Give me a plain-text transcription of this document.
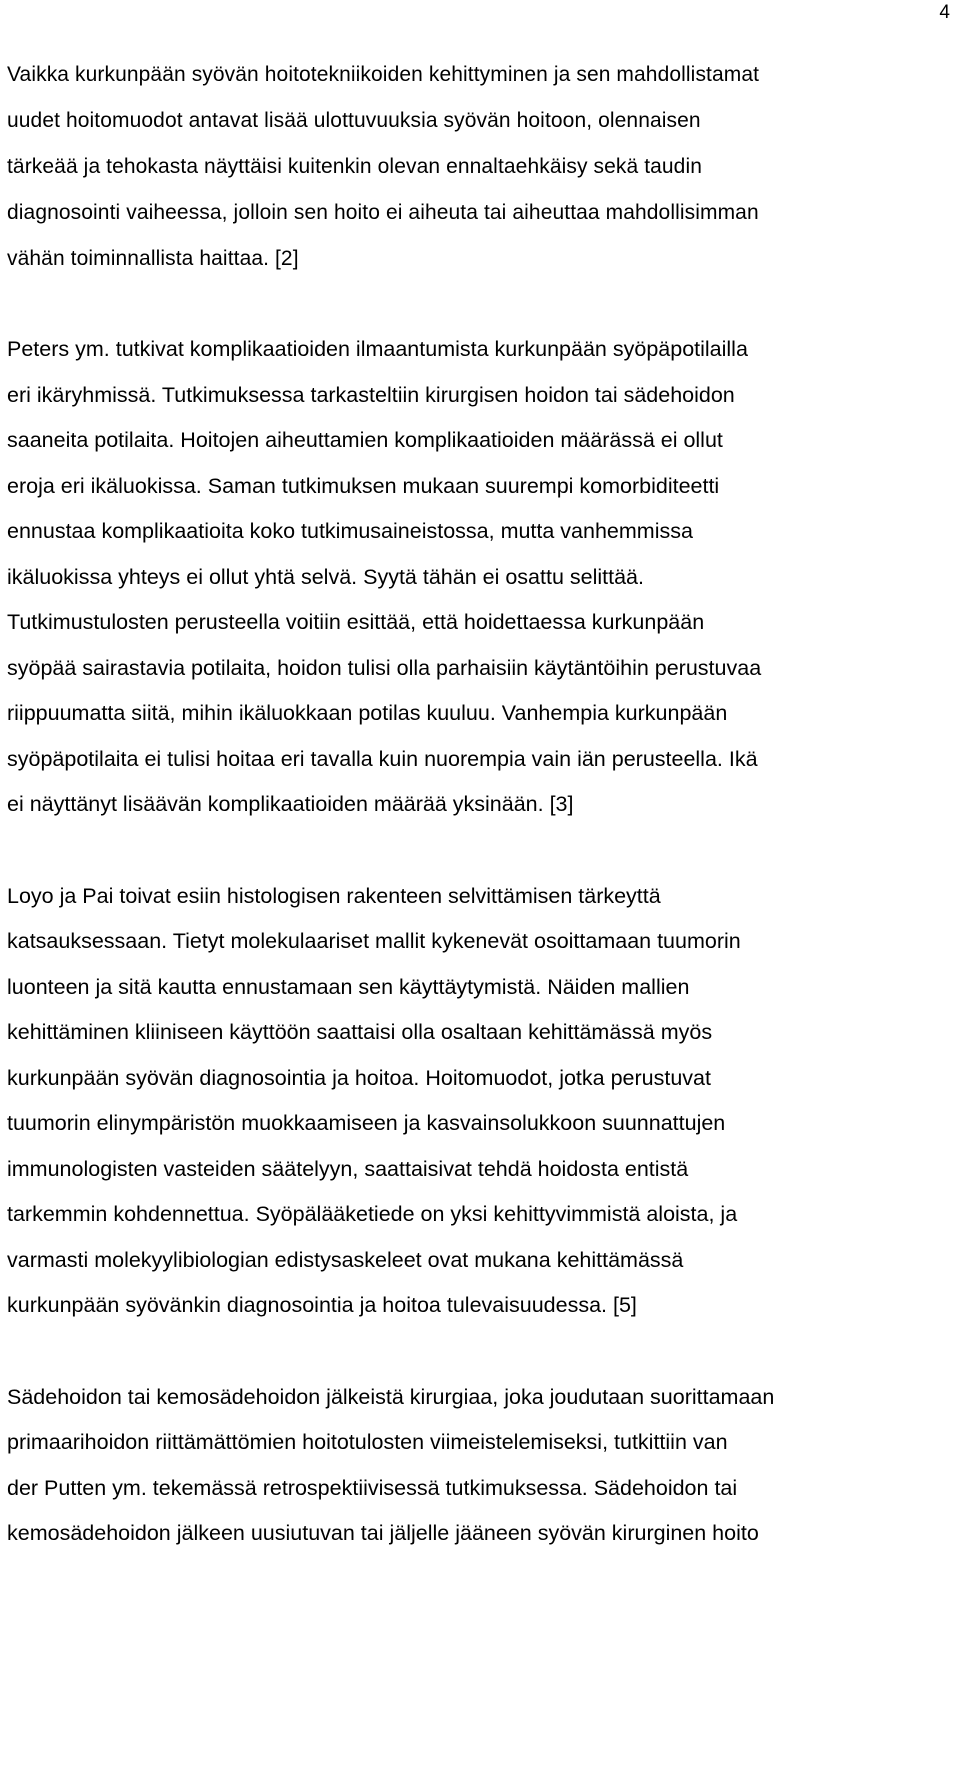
4

Vaikka kurkunpään syövän hoitotekniikoiden kehittyminen ja sen mahdollistamat
uudet hoitomuodot antavat lisää ulottuvuuksia syövän hoitoon, olennaisen
tärkeää ja tehokasta näyttäisi kuitenkin olevan ennaltaehkäisy sekä taudin
diagnosointi vaiheessa, jolloin sen hoito ei aiheuta tai aiheuttaa mahdollisimman
vähän toiminnallista haittaa. [2]

Peters ym. tutkivat komplikaatioiden ilmaantumista kurkunpään syöpäpotilailla
eri ikäryhmissä. Tutkimuksessa tarkasteltiin kirurgisen hoidon tai sädehoidon
saaneita potilaita. Hoitojen aiheuttamien komplikaatioiden määrässä ei ollut
eroja eri ikäluokissa. Saman tutkimuksen mukaan suurempi komorbiditeetti
ennustaa komplikaatioita koko tutkimusaineistossa, mutta vanhemmissa
ikäluokissa yhteys ei ollut yhtä selvä. Syytä tähän ei osattu selittää.
Tutkimustulosten perusteella voitiin esittää, että hoidettaessa kurkunpään
syöpää sairastavia potilaita, hoidon tulisi olla parhaisiin käytäntöihin perustuvaa
riippuumatta siitä, mihin ikäluokkaan potilas kuuluu. Vanhempia kurkunpään
syöpäpotilaita ei tulisi hoitaa eri tavalla kuin nuorempia vain iän perusteella. Ikä
ei näyttänyt lisäävän komplikaatioiden määrää yksinään. [3]

Loyo ja Pai toivat esiin histologisen rakenteen selvittämisen tärkeyttä
katsauksessaan. Tietyt molekulaariset mallit kykenevät osoittamaan tuumorin
luonteen ja sitä kautta ennustamaan sen käyttäytymistä. Näiden mallien
kehittäminen kliiniseen käyttöön saattaisi olla osaltaan kehittämässä myös
kurkunpään syövän diagnosointia ja hoitoa. Hoitomuodot, jotka perustuvat
tuumorin elinympäristön muokkaamiseen ja kasvainsolukkoon suunnattujen
immunologisten vasteiden säätelyyn, saattaisivat tehdä hoidosta entistä
tarkemmin kohdennettua. Syöpälääketiede on yksi kehittyvimmistä aloista, ja
varmasti molekyylibiologian edistysaskeleet ovat mukana kehittämässä
kurkunpään syövänkin diagnosointia ja hoitoa tulevaisuudessa. [5]

Sädehoidon tai kemosädehoidon jälkeistä kirurgiaa, joka joudutaan suorittamaan
primaarihoidon riittämättömien hoitotulosten viimeistelemiseksi, tutkittiin van
der Putten ym. tekemässä retrospektiivisessä tutkimuksessa. Sädehoidon tai
kemosädehoidon jälkeen uusiutuvan tai jäljelle jääneen syövän kirurginen hoito
